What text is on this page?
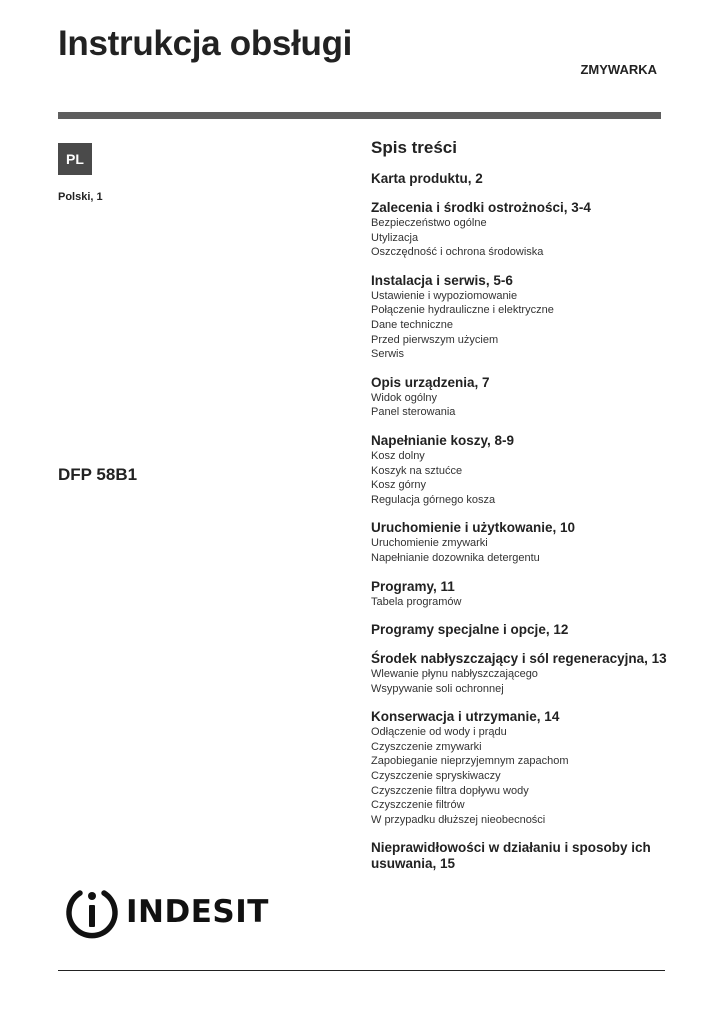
Instrukcja obsługi
ZMYWARKA
PL
Polski, 1
DFP 58B1
INDESIT
Spis treści
Karta produktu, 2
Zalecenia i środki ostrożności, 3-4
Bezpieczeństwo ogólne
Utylizacja
Oszczędność i ochrona środowiska
Instalacja i serwis, 5-6
Ustawienie i wypoziomowanie
Połączenie hydrauliczne i elektryczne
Dane techniczne
Przed pierwszym użyciem
Serwis
Opis urządzenia, 7
Widok ogólny
Panel sterowania
Napełnianie koszy, 8-9
Kosz dolny
Koszyk na sztućce
Kosz górny
Regulacja górnego kosza
Uruchomienie i użytkowanie, 10
Uruchomienie zmywarki
Napełnianie dozownika detergentu
Programy, 11
Tabela programów
Programy specjalne i opcje, 12
Środek nabłyszczający i sól regeneracyjna, 13
Wlewanie płynu nabłyszczającego
Wsypywanie soli ochronnej
Konserwacja i utrzymanie, 14
Odłączenie od wody i prądu
Czyszczenie zmywarki
Zapobieganie nieprzyjemnym zapachom
Czyszczenie spryskiwaczy
Czyszczenie filtra dopływu wody
Czyszczenie filtrów
W przypadku dłuższej nieobecności
Nieprawidłowości w działaniu i sposoby ich usuwania, 15
